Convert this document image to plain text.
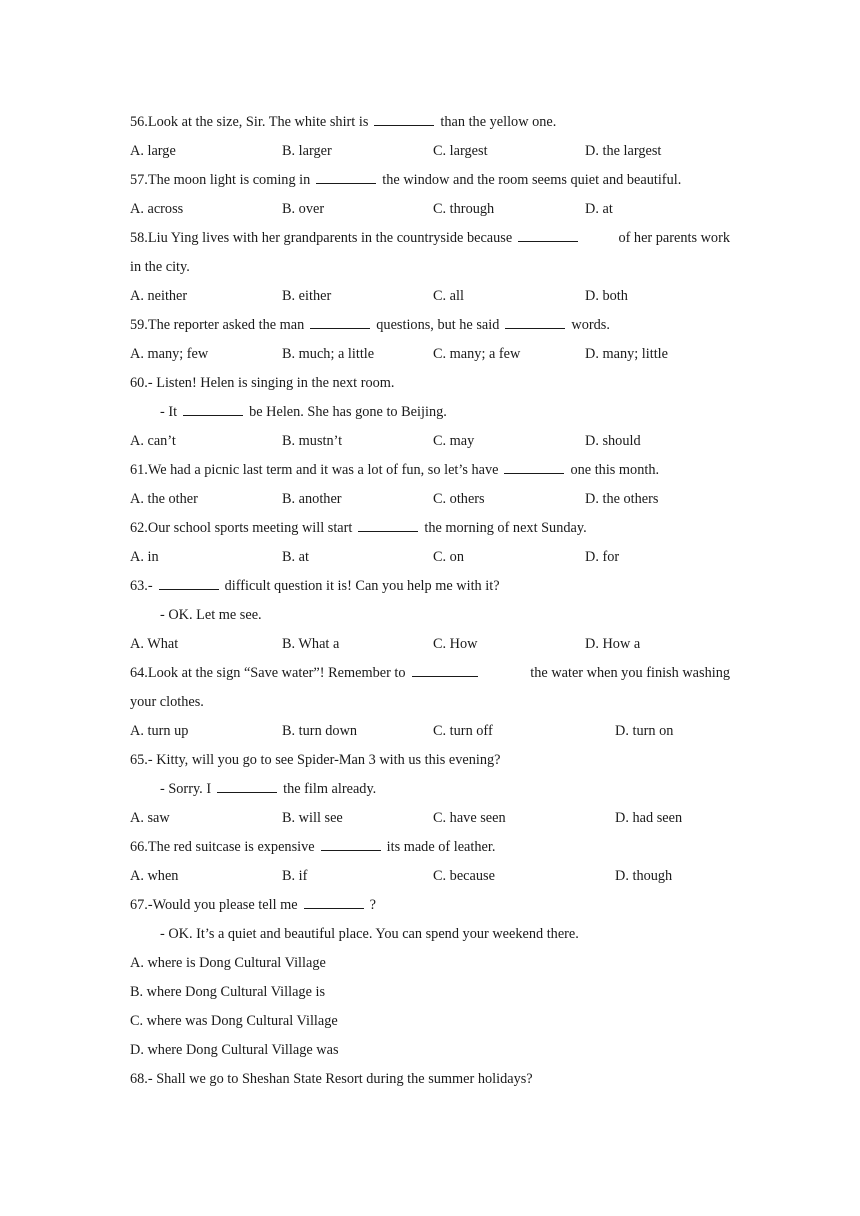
56.Look at the size, Sir. The white shirt is	than the yellow one.
A. large	B. larger	C. largest	D. the largest
57.The moon light is coming in	the window and the room seems quiet and beautiful.
A. across	B. over	C. through	D. at
58.Liu Ying lives with her grandparents in the countryside because	of her parents work
in the city.
A. neither	B. either	C. all	D. both
59.The reporter asked the man	questions, but he said	words.
A. many; few	B. much; a little	C. many; a few	D. many; little
60.- Listen! Helen is singing in the next room.
- It	be Helen. She has gone to Beijing.
A. can’t	B. mustn’t	C. may	D. should
61.We had a picnic last term and it was a lot of fun, so let’s have	one this month.
A. the other	B. another	C. others	D. the others
62.Our school sports meeting will start	the morning of next Sunday.
A. in	B. at	C. on	D. for
63.-	difficult question it is! Can you help me with it?
- OK. Let me see.
A. What	B. What a	C. How	D. How a
64.Look at the sign “Save water”! Remember to	the water when you finish washing
your clothes.
A. turn up	B. turn down	C. turn off	D. turn on
65.- Kitty, will you go to see Spider-Man 3 with us this evening?
- Sorry. I	the film already.
A. saw	B. will see	C. have seen	D. had seen
66.The red suitcase is expensive	its made of leather.
A. when	B. if	C. because	D. though
67.-Would you please tell me	?
- OK. It’s a quiet and beautiful place. You can spend your weekend there.
A. where is Dong Cultural Village
B. where Dong Cultural Village is
C. where was Dong Cultural Village
D. where Dong Cultural Village was
68.- Shall we go to Sheshan State Resort during the summer holidays?
